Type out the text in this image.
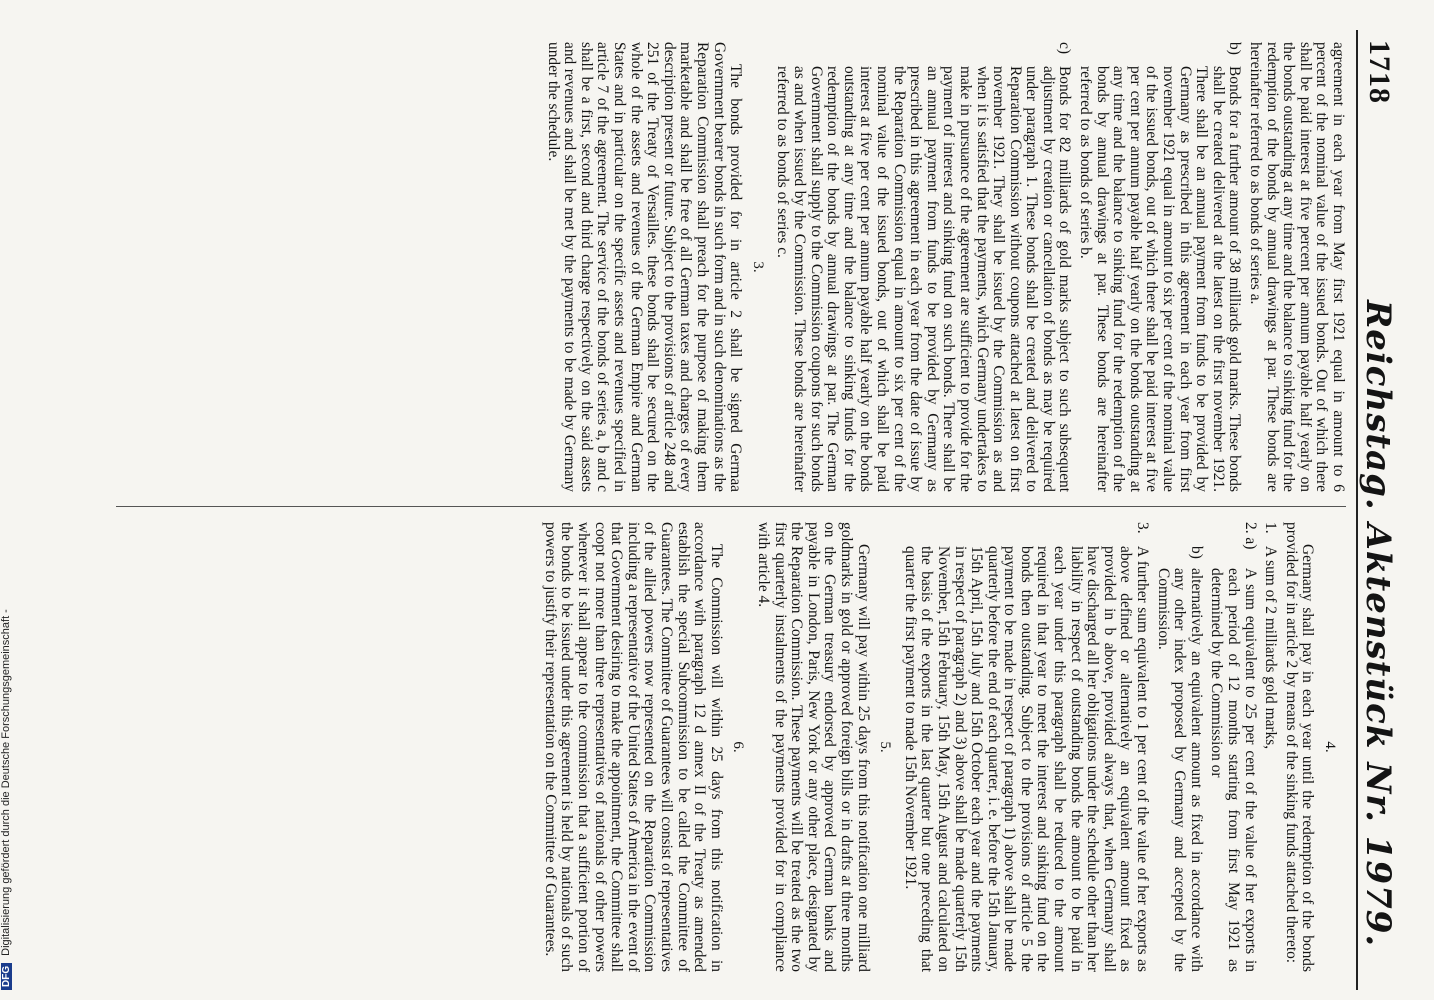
1718
Reichstag. Aktenstück Nr. 1979.

agreement in each year from May first 1921 equal in amount to 6 percent of the nominal value of the issued bonds. Out of which there shall be paid interest at five percent per annum payable half yearly on the bonds outstanding at any time and the balance to sinking fund for the redemption of the bonds by annual drawings at par. These bonds are hereinafter referred to as bonds of series a.

b)
Bonds for a further amount of 38 milliards gold marks. These bonds shall be created delivered at the latest on the first november 1921. There shall be an annual payment from funds to be provided by Germany as prescribed in this agreement in each year from first november 1921 equal in amount to six per cent of the nominal value of the issued bonds, out of which there shall be paid interest at five per cent per annum payable half yearly on the bonds outstanding at any time and the balance to sinking fund for the redemption of the bonds by annual drawings at par. These bonds are hereinafter referred to as bonds of series b.
c)
Bonds for 82 milliards of gold marks subject to such subsequent adjustment by creation or cancellation of bonds as may be required under paragraph 1. These bonds shall be created and delivered to Reparation Commission without coupons attached at latest on first november 1921. They shall be issued by the Commission as and when it is satisfied that the payments, which Germany undertakes to make in pursuance of the agreement are sufficient to provide for the payment of interest and sinking fund on such bonds. There shall be an annual payment from funds to be provided by Germany as prescribed in this agreement in each year from the date of issue by the Reparation Commission equal in amount to six per cent of the nominal value of the issued bonds, out of which shall be paid interest at five per cent per annum payable half yearly on the bonds outstanding at any time and the balance to sinking funds for the redemption of the bonds by annual drawings at par. The German Government shall supply to the Commission coupons for such bonds as and when issued by the Commission. These bonds are hereinafter referred to as bonds of series c.
3.

The bonds provided for in article 2 shall be signed Germaa Government bearer bonds in such form and in such denominations as the Reparation Commission shall preach for the purpose of making them marketable and shall be free of all German taxes and charges of every description present or future. Subject to the provisions of article 248 and 251 of the Treaty of Versailles. these bonds shall be secured on the whole of the assets and revenues of the German Empire and German States and in particular on the specific assets and revenues specified in article 7 of the agreement. The service of the bonds of series a, b and c shall be a first, second and third charge respectively on the said assets and revenues and shall be met by the payments to be made by Germany under the schedule.

4.

Germany shall pay in each year until the redemption of the bonds provided for in article 2 by means of the sinking funds attached thereto:

1.
A sum of 2 milliards gold marks,
2. a)
A sum equivalent to 25 per cent of the value of her exports in each period of 12 months starting from first May 1921 as determined by the Commission or
b)
alternatively an equivalent amount as fixed in accordance with any other index proposed by Germany and accepted by the Commission.
3.
A further sum equivalent to 1 per cent of the value of her exports as above defined or alternatively an equivalent amount fixed as provided in b above, provided always that, when Germany shall have discharged all her obligations under the schedule other than her liability in respect of outstanding bonds the amount to be paid in each year under this paragraph shall be reduced to the amount required in that year to meet the interest and sinking fund on the bonds then outstanding. Subject to the provisions of article 5 the payment to be made in respect of paragraph 1) above shall be made quarterly before the end of each quarter, i. e. before the 15th January, 15th April, 15th July and 15th October each year and the payments in respect of paragraph 2) and 3) above shall be made quarterly 15th November, 15th February, 15th May, 15th August and calculated on the basis of the exports in the last quarter but one preceding that quarter the first payment to made 15th November 1921.
5.

Germany will pay within 25 days from this notification one milliard goldmarks in gold or approved foreign bills or in drafts at three months on the German treasury endorsed by approved German banks and payable in London, Paris, New York or any other place, designated by the Reparation Commission. These payments will be treated as the two first quarterly instalments of the payments provided for in compliance with article 4.

6.

The Commission will within 25 days from this notification in accordance with paragraph 12 d annex II of the Treaty as amended establish the special Subcommission to be called the Committee of Guarantees. The Committee of Guarantees will consist of representatives of the allied powers now represented on the Reparation Commission including a representative of the United States of America in the event of that Government desiring to make the appointment, the Committee shall coopt not more than three representatives of nationals of other powers whenever it shall appear to the commission that a sufficient portion of the bonds to be issued under this agreement is held by nationals of such powers to justify their representation on the Committee of Guarantees.

DFG Digitalisierung gefördert durch die Deutsche Forschungsgemeinschaft -
